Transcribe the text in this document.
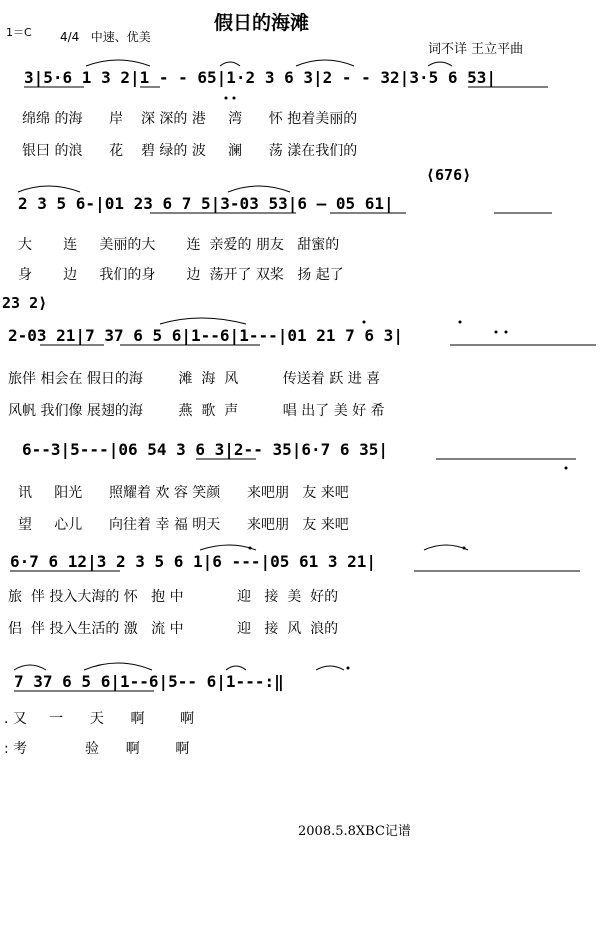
假日的海滩
1＝C 4/4   中速、优美
词不详 王立平曲
3|5·6 1 3 2|1 - - 65|1·2 3 6 3|2 - - 32|3·5 6 53|
绵绵 的海      岸    深 深的 港     湾      怀 抱着美丽的
银曰 的浪      花    碧 绿的 波     澜      荡 漾在我们的
⟨676⟩
2 3 5 6-|01 23 6 7 5|3-03 53|6 — 05 61|
大       连     美丽的大       连  亲爱的 朋友   甜蜜的
身       边     我们的身       边  荡开了 双桨   扬 起了
23 2⟩
2-03 21|7 37 6 5 6|1--6|1---|01 21 7 6 3|
旅伴 相会在 假日的海        滩  海  风          传送着 跃 进 喜
风帆 我们像 展翅的海        燕  歌  声          唱 出了 美 好 希
6--3|5---|06 54 3 6 3|2-- 35|6·7 6 35|
讯     阳光      照耀着 欢 容 笑颜      来吧朋   友 来吧
望     心儿      向往着 幸 福 明天      来吧朋   友 来吧
6·7 6 12|3 2 3 5 6 1|6 ---|05 61 3 21|
旅  伴 投入大海的 怀   抱 中            迎   接  美  好的
侣  伴 投入生活的 激   流 中            迎   接  风  浪的
7 37 6 5 6|1--6|5-- 6|1---:‖
. 又     一      天      啊        啊
: 考             验      啊        啊
2008.5.8XBC记谱
